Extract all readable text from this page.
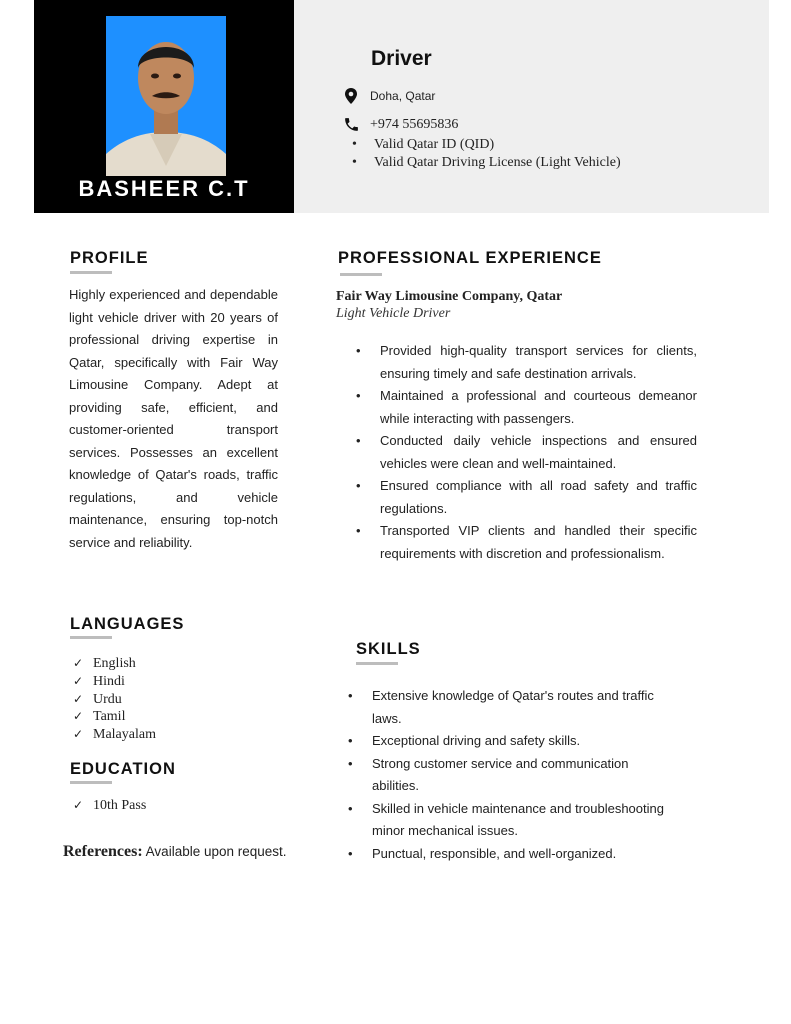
BASHEER C.T
Driver
Doha, Qatar
+974 55695836
• Valid Qatar ID (QID)
• Valid Qatar Driving License (Light Vehicle)
PROFILE

Highly experienced and dependable light vehicle driver with 20 years of professional driving expertise in Qatar, specifically with Fair Way Limousine Company. Adept at providing safe, efficient, and customer-oriented transport services. Possesses an excellent knowledge of Qatar's roads, traffic regulations, and vehicle maintenance, ensuring top-notch service and reliability.

LANGUAGES
✓ English
✓ Hindi
✓ Urdu
✓ Tamil
✓ Malayalam
EDUCATION
✓ 10th Pass
References: Available upon request.
PROFESSIONAL EXPERIENCE
Fair Way Limousine Company, Qatar
Light Vehicle Driver
• Provided high-quality transport services for clients, ensuring timely and safe destination arrivals.
• Maintained a professional and courteous demeanor while interacting with passengers.
• Conducted daily vehicle inspections and ensured vehicles were clean and well-maintained.
• Ensured compliance with all road safety and traffic regulations.
• Transported VIP clients and handled their specific requirements with discretion and professionalism.
SKILLS
• Extensive knowledge of Qatar's routes and traffic laws.
• Exceptional driving and safety skills.
• Strong customer service and communication abilities.
• Skilled in vehicle maintenance and troubleshooting minor mechanical issues.
• Punctual, responsible, and well-organized.
